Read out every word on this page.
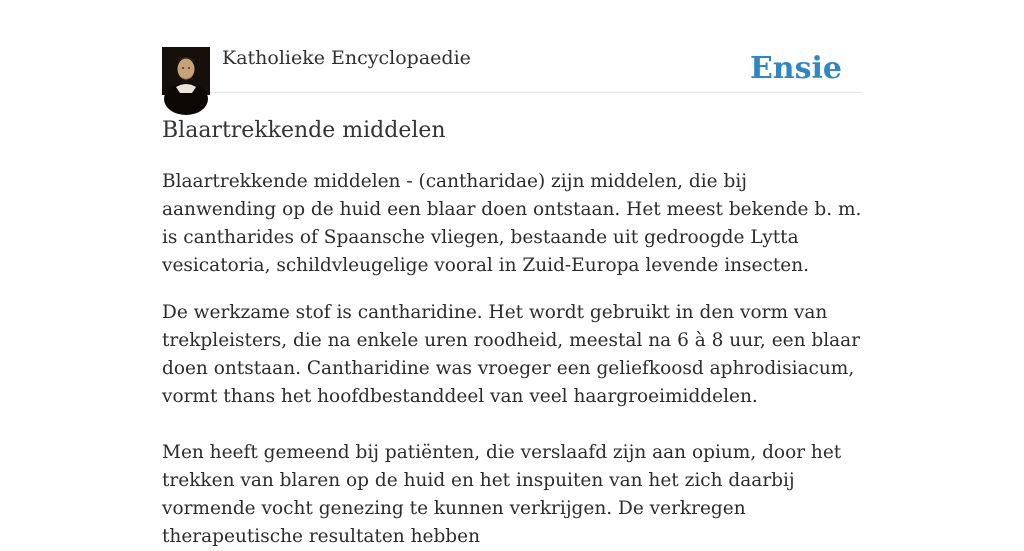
Katholieke Encyclopaedie	Ensie
Blaartrekkende middelen

Blaartrekkende middelen - (cantharidae) zijn middelen, die bij aanwending op de huid een blaar doen ontstaan. Het meest bekende b. m. is cantharides of Spaansche vliegen, bestaande uit gedroogde Lytta vesicatoria, schildvleugelige vooral in Zuid-Europa levende insecten.

De werkzame stof is cantharidine. Het wordt gebruikt in den vorm van trekpleisters, die na enkele uren roodheid, meestal na 6 à 8 uur, een blaar doen ontstaan. Cantharidine was vroeger een geliefkoosd aphrodisiacum, vormt thans het hoofdbestanddeel van veel haargroeimiddelen.

Men heeft gemeend bij patiënten, die verslaafd zijn aan opium, door het trekken van blaren op de huid en het inspuiten van het zich daarbij vormende vocht genezing te kunnen verkrijgen. De verkregen therapeutische resultaten hebben
